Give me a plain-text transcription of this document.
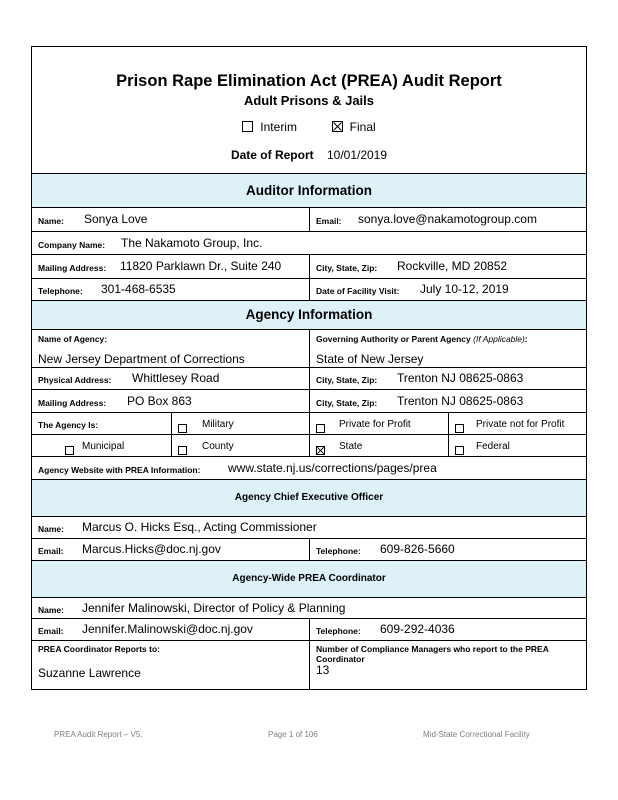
Prison Rape Elimination Act (PREA) Audit Report
Adult Prisons & Jails
Interim	Final
Date of Report 10/01/2019
Auditor Information
Name: Sonya Love	Email: sonya.love@nakamotogroup.com
Company Name: The Nakamoto Group, Inc.
Mailing Address: 11820 Parklawn Dr., Suite 240	City, State, Zip: Rockville, MD 20852
Telephone: 301-468-6535	Date of Facility Visit: July 10-12, 2019
Agency Information
Name of Agency:
New Jersey Department of Corrections
Governing Authority or Parent Agency (If Applicable):
State of New Jersey
Physical Address: Whittlesey Road	City, State, Zip: Trenton NJ 08625-0863
Mailing Address: PO Box 863	City, State, Zip: Trenton NJ 08625-0863
The Agency Is:	Military	Private for Profit	Private not for Profit
Municipal	County	State	Federal
Agency Website with PREA Information: www.state.nj.us/corrections/pages/prea
Agency Chief Executive Officer
Name: Marcus O. Hicks Esq., Acting Commissioner
Email: Marcus.Hicks@doc.nj.gov	Telephone: 609-826-5660
Agency-Wide PREA Coordinator
Name: Jennifer Malinowski, Director of Policy & Planning
Email: Jennifer.Malinowski@doc.nj.gov	Telephone: 609-292-4036
PREA Coordinator Reports to:
Suzanne Lawrence
Number of Compliance Managers who report to the PREA Coordinator
13
PREA Audit Report – V5.	Page 1 of 106	Mid-State Correctional Facility
